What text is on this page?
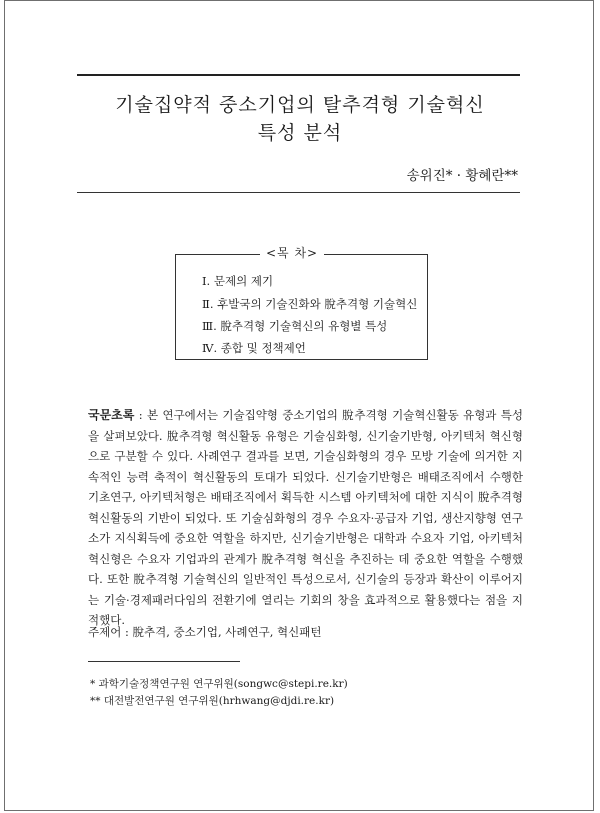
기술집약적 중소기업의 탈추격형 기술혁신
특성 분석
송위진* · 황혜란**
<목 차>
Ⅰ. 문제의 제기
Ⅱ. 후발국의 기술진화와 脫추격형 기술혁신
Ⅲ. 脫추격형 기술혁신의 유형별 특성
Ⅳ. 종합 및 정책제언

국문초록 : 본 연구에서는 기술집약형 중소기업의 脫추격형 기술혁신활동 유형과 특성을 살펴보았다. 脫추격형 혁신활동 유형은 기술심화형, 신기술기반형, 아키텍처 혁신형으로 구분할 수 있다. 사례연구 결과를 보면, 기술심화형의 경우 모방 기술에 의거한 지속적인 능력 축적이 혁신활동의 토대가 되었다. 신기술기반형은 배태조직에서 수행한 기초연구, 아키텍처형은 배태조직에서 획득한 시스템 아키텍처에 대한 지식이 脫추격형 혁신활동의 기반이 되었다. 또 기술심화형의 경우 수요자·공급자 기업, 생산지향형 연구소가 지식획득에 중요한 역할을 하지만, 신기술기반형은 대학과 수요자 기업, 아키텍처 혁신형은 수요자 기업과의 관계가 脫추격형 혁신을 추진하는 데 중요한 역할을 수행했다. 또한 脫추격형 기술혁신의 일반적인 특성으로서, 신기술의 등장과 확산이 이루어지는 기술·경제패러다임의 전환기에 열리는 기회의 창을 효과적으로 활용했다는 점을 지적했다.

주제어 : 脫추격, 중소기업, 사례연구, 혁신패턴
* 과학기술정책연구원 연구위원(songwc@stepi.re.kr)
** 대전발전연구원 연구위원(hrhwang@djdi.re.kr)
